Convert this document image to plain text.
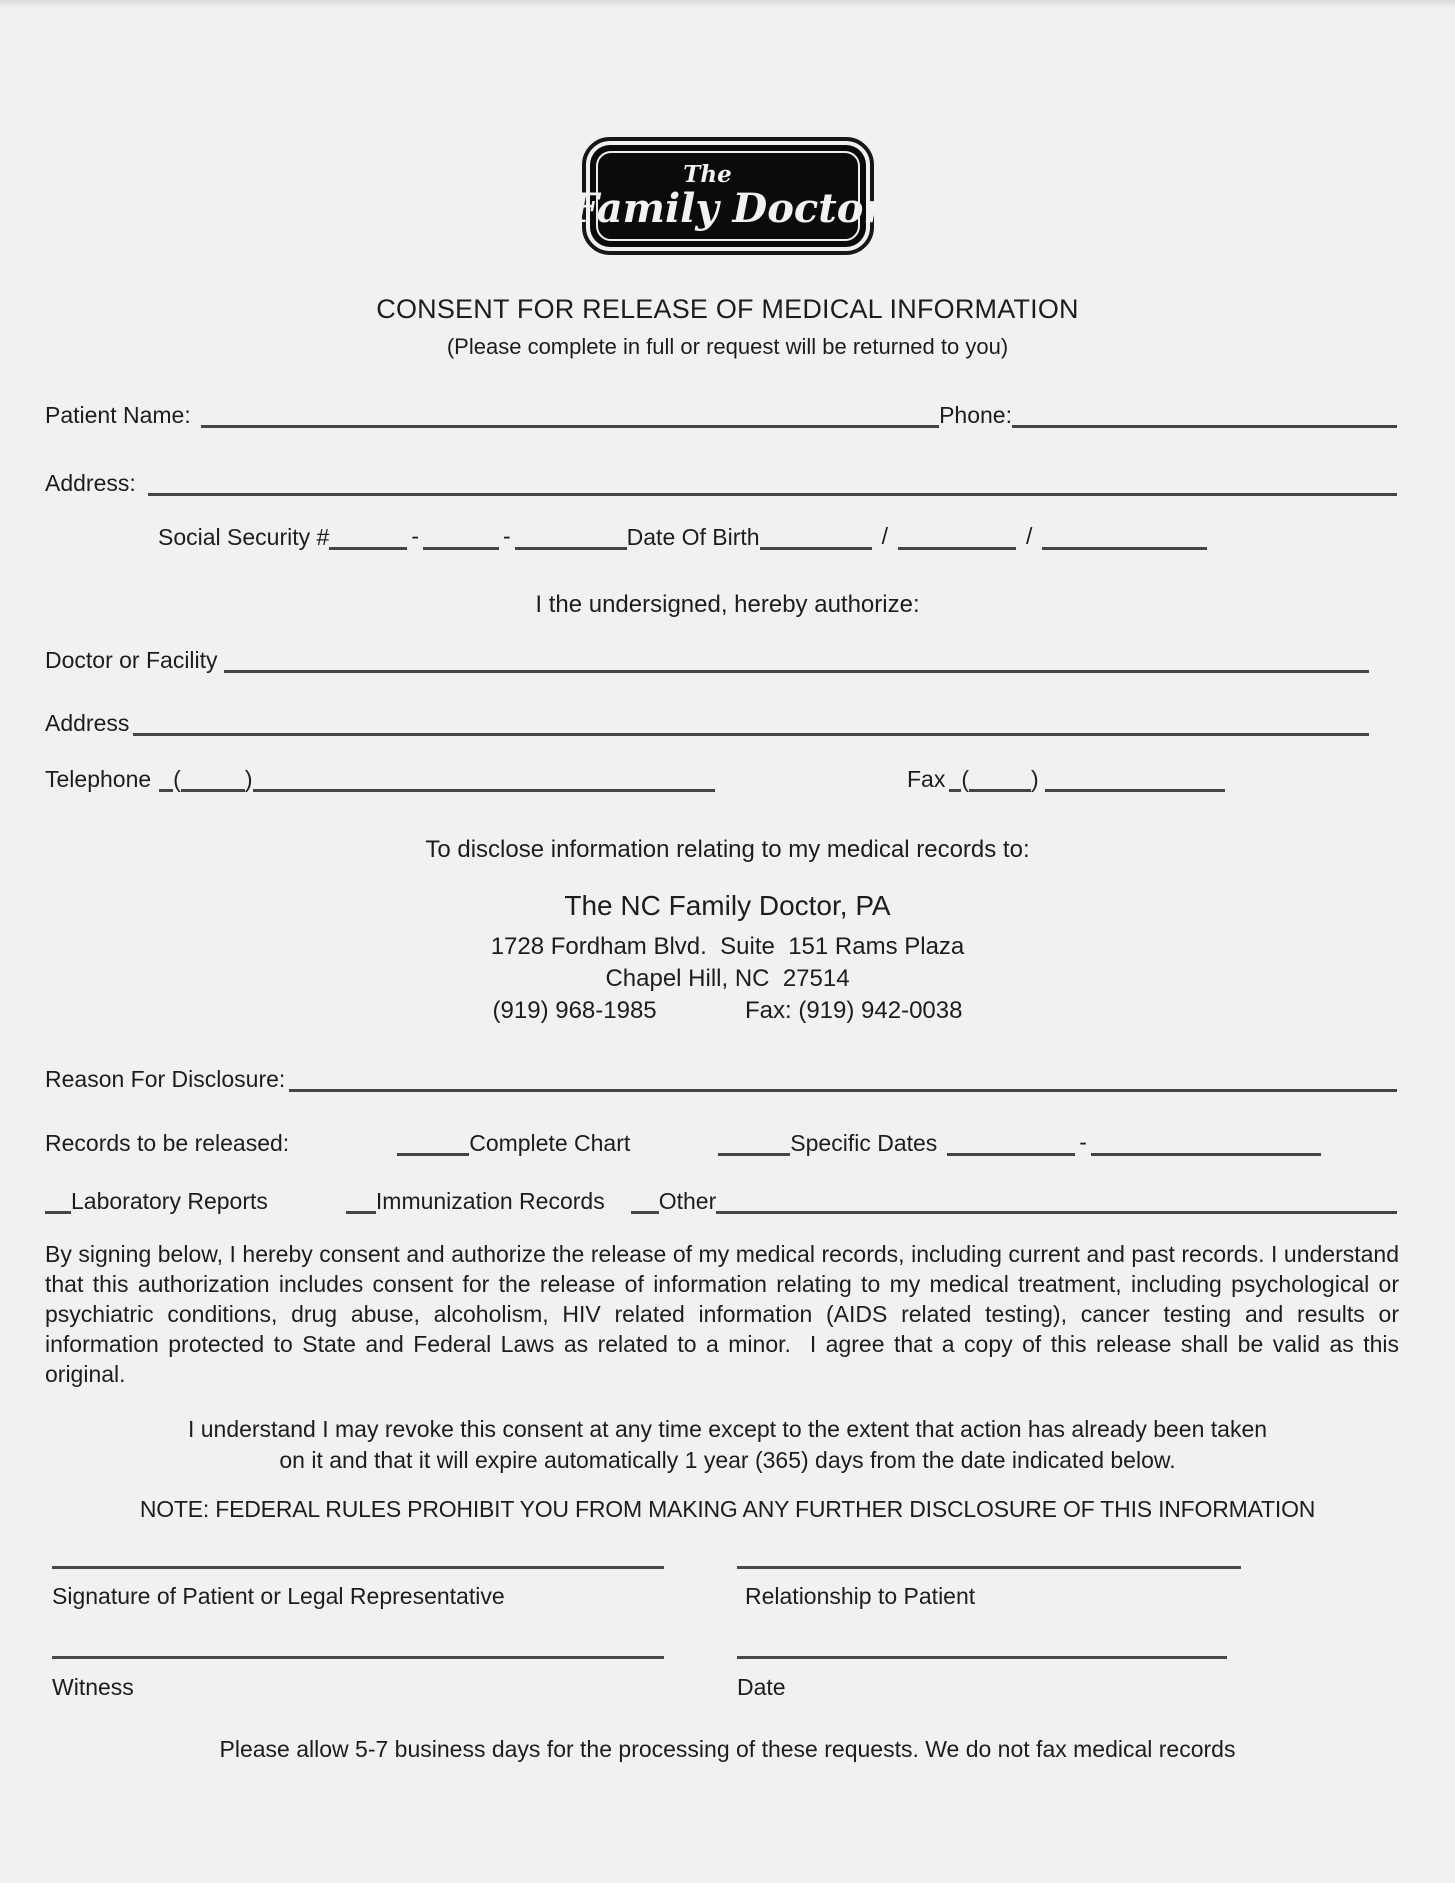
The
Family Doctor
CONSENT FOR RELEASE OF MEDICAL INFORMATION
(Please complete in full or request will be returned to you)
Patient Name:	Phone:
Address:
Social Security #	-	-	Date Of Birth	/	/
I the undersigned, hereby authorize:
Doctor or Facility
Address
Telephone (	)	Fax (	)
To disclose information relating to my medical records to:
The NC Family Doctor, PA
1728 Fordham Blvd.  Suite  151 Rams Plaza
Chapel Hill, NC  27514
(919) 968-1985	Fax: (919) 942-0038
Reason For Disclosure:
Records to be released:	Complete Chart	Specific Dates	-
Laboratory Reports	Immunization Records Other
By signing below, I hereby consent and authorize the release of my medical records, including current and past records. I understand that this authorization includes consent for the release of information relating to my medical treatment, including psychological or psychiatric conditions, drug abuse, alcoholism, HIV related information (AIDS related testing), cancer testing and results or information protected to State and Federal Laws as related to a minor.  I agree that a copy of this release shall be valid as this original.
I understand I may revoke this consent at any time except to the extent that action has already been taken on it and that it will expire automatically 1 year (365) days from the date indicated below.
NOTE: FEDERAL RULES PROHIBIT YOU FROM MAKING ANY FURTHER DISCLOSURE OF THIS INFORMATION
Signature of Patient or Legal Representative	Relationship to Patient
Witness	Date
Please allow 5-7 business days for the processing of these requests. We do not fax medical records
